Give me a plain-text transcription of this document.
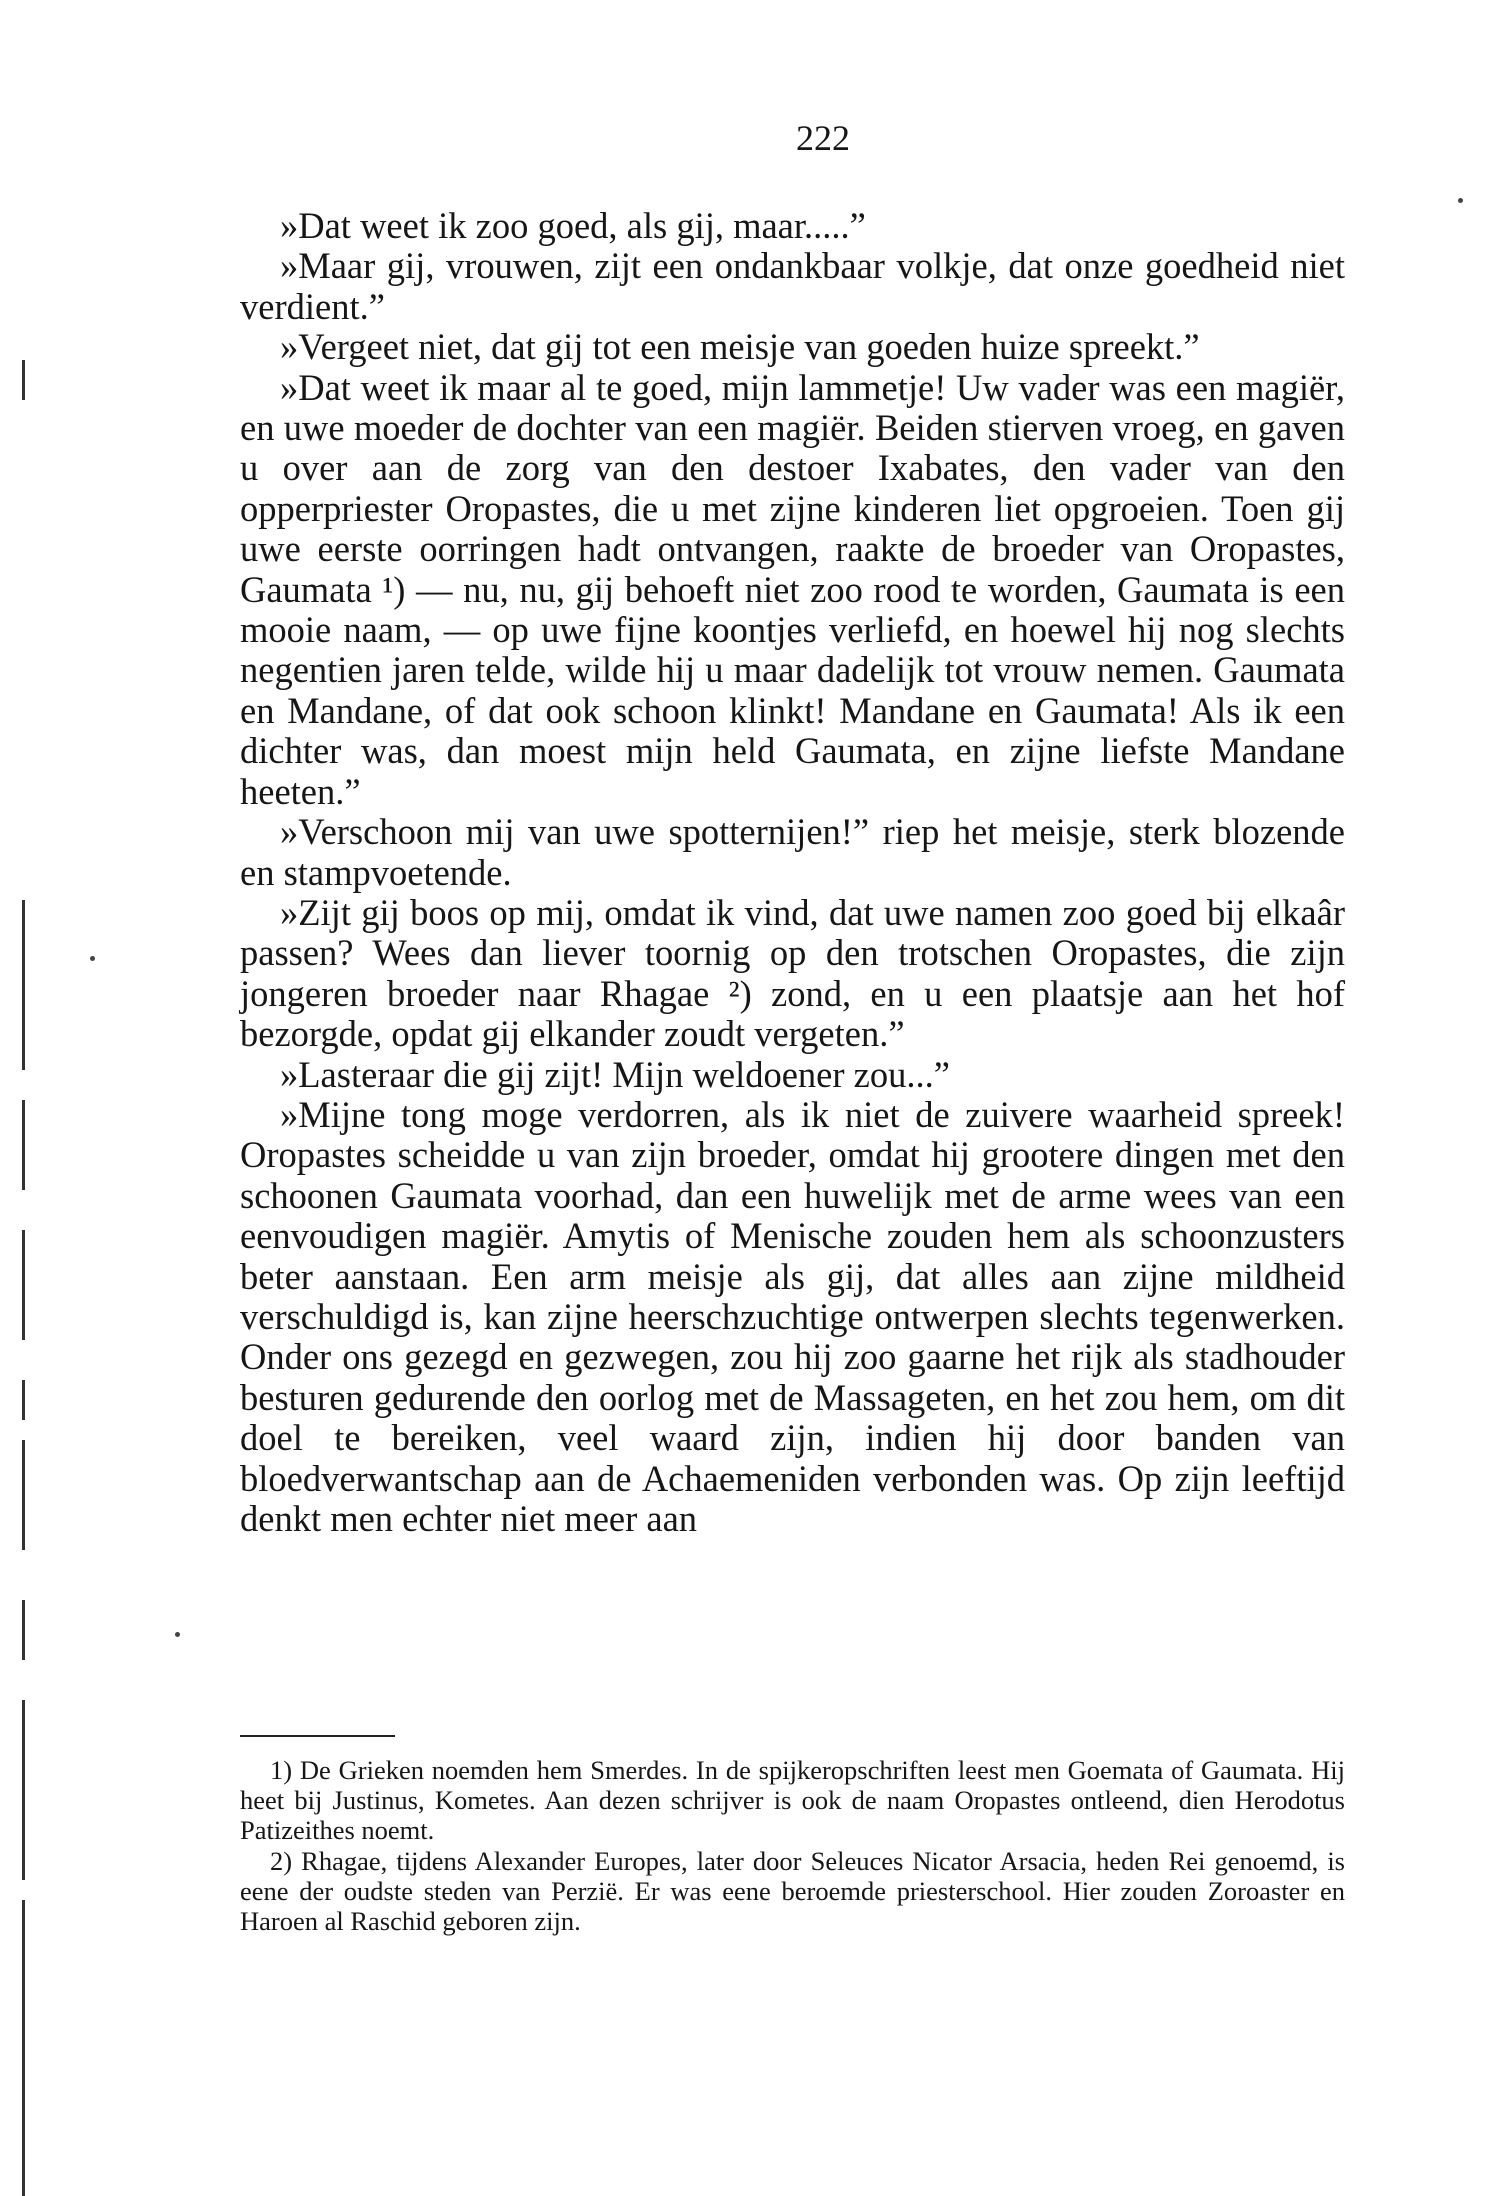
222

»Dat weet ik zoo goed, als gij, maar.....”

»Maar gij, vrouwen, zijt een ondankbaar volkje, dat onze goedheid niet verdient.”

»Vergeet niet, dat gij tot een meisje van goeden huize spreekt.”

»Dat weet ik maar al te goed, mijn lammetje! Uw vader was een magiër, en uwe moeder de dochter van een magiër. Beiden stierven vroeg, en gaven u over aan de zorg van den destoer Ixabates, den vader van den opperpriester Oropastes, die u met zijne kinderen liet opgroeien. Toen gij uwe eerste oorringen hadt ontvangen, raakte de broeder van Oropastes, Gaumata ¹) — nu, nu, gij behoeft niet zoo rood te worden, Gaumata is een mooie naam, — op uwe fijne koontjes verliefd, en hoewel hij nog slechts negentien jaren telde, wilde hij u maar dadelijk tot vrouw nemen. Gaumata en Mandane, of dat ook schoon klinkt! Mandane en Gaumata! Als ik een dichter was, dan moest mijn held Gaumata, en zijne liefste Mandane heeten.”

»Verschoon mij van uwe spotternijen!” riep het meisje, sterk blozende en stampvoetende.

»Zijt gij boos op mij, omdat ik vind, dat uwe namen zoo goed bij elkaâr passen? Wees dan liever toornig op den trotschen Oropastes, die zijn jongeren broeder naar Rhagae ²) zond, en u een plaatsje aan het hof bezorgde, opdat gij elkander zoudt vergeten.”

»Lasteraar die gij zijt! Mijn weldoener zou...”

»Mijne tong moge verdorren, als ik niet de zuivere waarheid spreek! Oropastes scheidde u van zijn broeder, omdat hij grootere dingen met den schoonen Gaumata voorhad, dan een huwelijk met de arme wees van een eenvoudigen magiër. Amytis of Menische zouden hem als schoonzusters beter aanstaan. Een arm meisje als gij, dat alles aan zijne mildheid verschuldigd is, kan zijne heerschzuchtige ontwerpen slechts tegenwerken. Onder ons gezegd en gezwegen, zou hij zoo gaarne het rijk als stadhouder besturen gedurende den oorlog met de Massageten, en het zou hem, om dit doel te bereiken, veel waard zijn, indien hij door banden van bloedverwantschap aan de Achaemeniden verbonden was. Op zijn leeftijd denkt men echter niet meer aan

1) De Grieken noemden hem Smerdes. In de spijkeropschriften leest men Goemata of Gaumata. Hij heet bij Justinus, Kometes. Aan dezen schrijver is ook de naam Oropastes ontleend, dien Herodotus Patizeithes noemt.

2) Rhagae, tijdens Alexander Europes, later door Seleuces Nicator Arsacia, heden Rei genoemd, is eene der oudste steden van Perzië. Er was eene beroemde priesterschool. Hier zouden Zoroaster en Haroen al Raschid geboren zijn.
